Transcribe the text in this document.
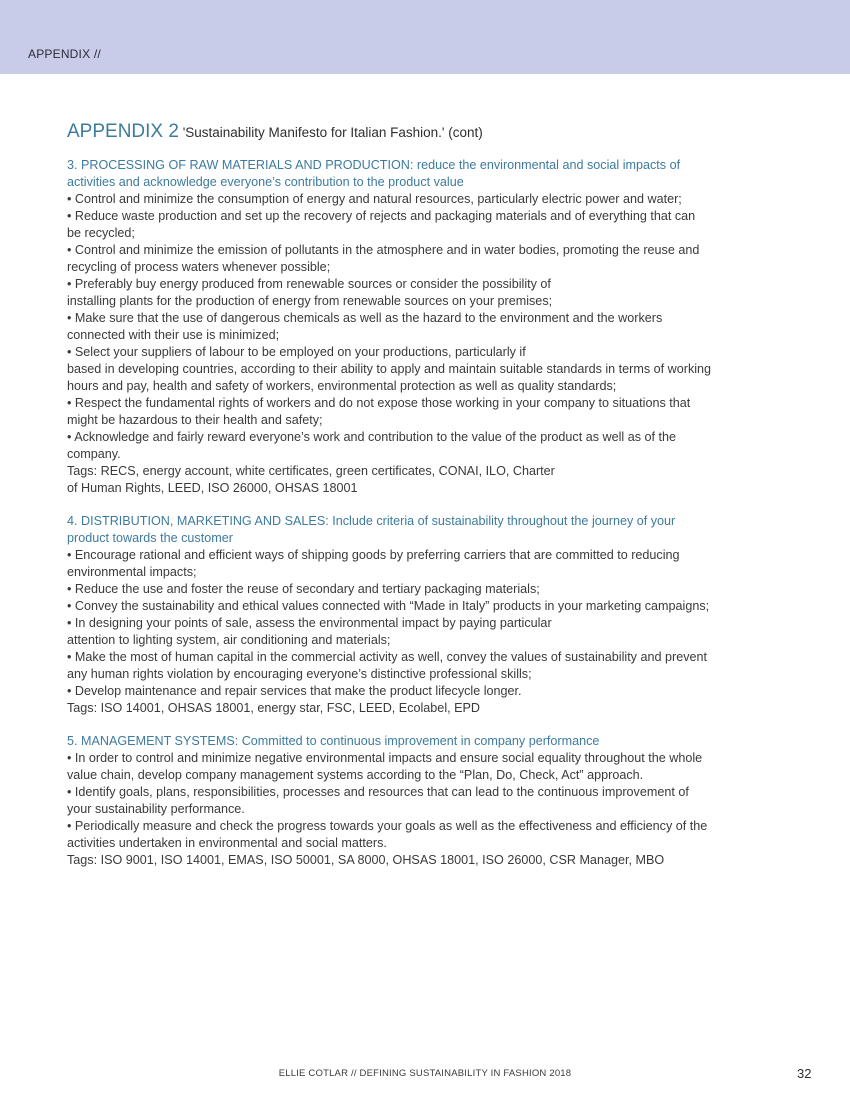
APPENDIX //
APPENDIX 2 'Sustainability Manifesto for Italian Fashion.' (cont)
3. PROCESSING OF RAW MATERIALS AND PRODUCTION: reduce the environmental and social impacts of
activities and acknowledge everyone’s contribution to the product value
• Control and minimize the consumption of energy and natural resources, particularly electric power and water;
• Reduce waste production and set up the recovery of rejects and packaging materials and of everything that can
be recycled;
• Control and minimize the emission of pollutants in the atmosphere and in water bodies, promoting the reuse and
recycling of process waters whenever possible;
• Preferably buy energy produced from renewable sources or consider the possibility of
installing plants for the production of energy from renewable sources on your premises;
• Make sure that the use of dangerous chemicals as well as the hazard to the environment and the workers
connected with their use is minimized;
• Select your suppliers of labour to be employed on your productions, particularly if
based in developing countries, according to their ability to apply and maintain suitable standards in terms of working
hours and pay, health and safety of workers, environmental protection as well as quality standards;
• Respect the fundamental rights of workers and do not expose those working in your company to situations that
might be hazardous to their health and safety;
• Acknowledge and fairly reward everyone’s work and contribution to the value of the product as well as of the
company.
Tags: RECS, energy account, white certificates, green certificates, CONAI, ILO, Charter
of Human Rights, LEED, ISO 26000, OHSAS 18001
4. DISTRIBUTION, MARKETING AND SALES: Include criteria of sustainability throughout the journey of your
product towards the customer
• Encourage rational and efficient ways of shipping goods by preferring carriers that are committed to reducing
environmental impacts;
• Reduce the use and foster the reuse of secondary and tertiary packaging materials;
• Convey the sustainability and ethical values connected with “Made in Italy” products in your marketing campaigns;
• In designing your points of sale, assess the environmental impact by paying particular
attention to lighting system, air conditioning and materials;
• Make the most of human capital in the commercial activity as well, convey the values of sustainability and prevent
any human rights violation by encouraging everyone’s distinctive professional skills;
• Develop maintenance and repair services that make the product lifecycle longer.
Tags: ISO 14001, OHSAS 18001, energy star, FSC, LEED, Ecolabel, EPD
5. MANAGEMENT SYSTEMS: Committed to continuous improvement in company performance
• In order to control and minimize negative environmental impacts and ensure social equality throughout the whole
value chain, develop company management systems according to the “Plan, Do, Check, Act” approach.
• Identify goals, plans, responsibilities, processes and resources that can lead to the continuous improvement of
your sustainability performance.
• Periodically measure and check the progress towards your goals as well as the effectiveness and efficiency of the
activities undertaken in environmental and social matters.
Tags: ISO 9001, ISO 14001, EMAS, ISO 50001, SA 8000, OHSAS 18001, ISO 26000, CSR Manager, MBO
ELLIE COTLAR // DEFINING SUSTAINABILITY IN FASHION 2018	32
